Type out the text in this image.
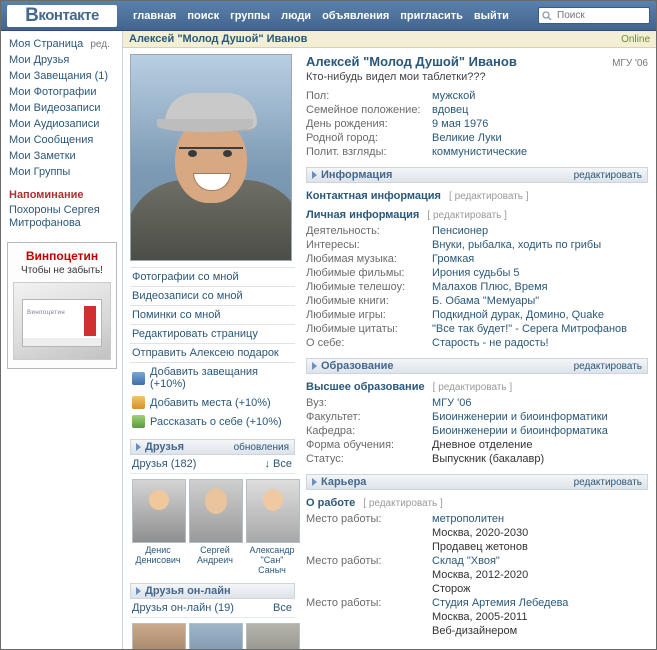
В контакте	главная поиск группы люди объявления пригласить выйти
Поиск
Моя Страница ред.
Мои Друзья
Мои Завещания (1)
Мои Фотографии
Мои Видеозаписи
Мои Аудиозаписи
Мои Сообщения
Мои Заметки
Мои Группы
Напоминание
Похороны Сергея Митрофанова
Винпоцетин
Чтобы не забыть!
Винпоцетин
Алексей "Молод Душой" Иванов	Online
Фотографии со мной
Видеозаписи со мной
Поминки со мной
Редактировать страницу
Отправить Алексею подарок
Добавить завещания (+10%)
Добавить места (+10%)
Рассказать о себе (+10%)
Друзья	обновления
Друзья (182)	↓ Все
Денис Денисович
Сергей Андреич
Александр "Сан" Саныч
Друзья он-лайн
Друзья он-лайн (19)	Все
Алексей "Молод Душой" Иванов	МГУ '06
Кто-нибудь видел мои таблетки???
Пол:	мужской
Семейное положение:	вдовец
День рождения:	9 мая 1976
Родной город:	Великие Луки
Полит. взгляды:	коммунистические
Информация	редактировать
Контактная информация [ редактировать ]
Личная информация [ редактировать ]
Деятельность:	Пенсионер
Интересы:	Внуки, рыбалка, ходить по грибы
Любимая музыка:	Громкая
Любимые фильмы:	Ирония судьбы 5
Любимые телешоу:	Малахов Плюс, Время
Любимые книги:	Б. Обама "Мемуары"
Любимые игры:	Подкидной дурак, Домино, Quake
Любимые цитаты:	"Все так будет!" - Серега Митрофанов
О себе:	Старость - не радость!
Образование	редактировать
Высшее образование [ редактировать ]
Вуз:	МГУ '06
Факультет:	Биоинженерии и биоинформатики
Кафедра:	Биоинженерии и биоинформатика
Форма обучения:	Дневное отделение
Статус:	Выпускник (бакалавр)
Карьера	редактировать
О работе [ редактировать ]
Место работы:	метрополитен
	Москва, 2020-2030
	Продавец жетонов
Место работы:	Склад "Хвоя"
	Москва, 2012-2020
	Сторож
Место работы:	Студия Артемия Лебедева
	Москва, 2005-2011
	Веб-дизайнером
